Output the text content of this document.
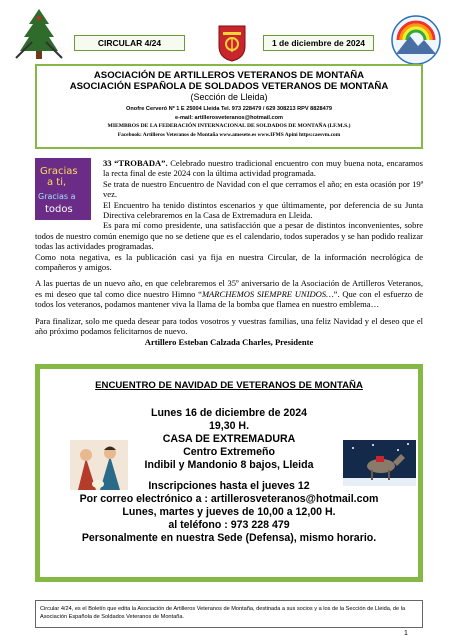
CIRCULAR 4/24	1 de diciembre de 2024
ASOCIACIÓN DE ARTILLEROS VETERANOS DE MONTAÑA
ASOCIACIÓN ESPAÑOLA DE SOLDADOS VETERANOS DE MONTAÑA
(Sección de Lleida)
Onofre Cerveró Nº 1 E 25004 Lleida Tel. 973 228479 / 629 308213 RPV 8828479
e-mail: artillerosveteranos@hotmail.com
MIEMBROS DE LA FEDERACIÓN INTERNACIONAL DE SOLDADOS DE MONTAÑA (I.F.M.S.)
Facebook: Artilleros Veteranos de Montaña www.amesete.es www.IFMS Apini https:caesvm.com
Gracias
a ti,
Gracias a
todos

33 “TROBADA”. Celebrado nuestro tradicional encuentro con muy buena nota, encaramos la recta final de este 2024 con la última actividad programada.

Se trata de nuestro Encuentro de Navidad con el que cerramos el año; en esta ocasión por 19ª vez.

El Encuentro ha tenido distintos escenarios y que últimamente, por deferencia de su Junta Directiva celebraremos en la Casa de Extremadura en Lleida.

Es para mí como presidente, una satisfacción que a pesar de distintos inconvenientes, sobre todos de nuestro común enemigo que no se detiene que es el calendario, todos superados y se han podido realizar todas las actividades programadas.

Como nota negativa, es la publicación casi ya fija en nuestra Circular, de la información necrológica de compañeros y amigos.

A las puertas de un nuevo año, en que celebraremos el 35º aniversario de la Asociación de Artilleros Veteranos, es mi deseo que tal como dice nuestro Himno “MARCHEMOS SIEMPRE UNIDOS…”. Que con el esfuerzo de todos los veteranos, podamos mantener viva la llama de la bomba que flamea en nuestro emblema…

Para finalizar, solo me queda desear para todos vosotros y vuestras familias, una feliz Navidad y el deseo que el año próximo podamos felicitarnos de nuevo.

Artillero Esteban Calzada Charles, Presidente

ENCUENTRO DE NAVIDAD DE VETERANOS DE MONTAÑA
Lunes 16 de diciembre de 2024
19,30 H.
CASA DE EXTREMADURA
Centro Extremeño
Indibil y Mandonio 8 bajos, Lleida
Inscripciones hasta el jueves 12
Por correo electrónico a : artillerosveteranos@hotmail.com
Lunes, martes y jueves de 10,00 a 12,00 H.
al teléfono : 973 228 479
Personalmente en nuestra Sede (Defensa), mismo horario.
Circular 4/24, es el Boletín que edita la Asociación de Artilleros Veteranos de Montaña, destinada a sus socios y a los de la Sección de Lleida, de la Asociación Española de Soldados Veteranos de Montaña.
1
